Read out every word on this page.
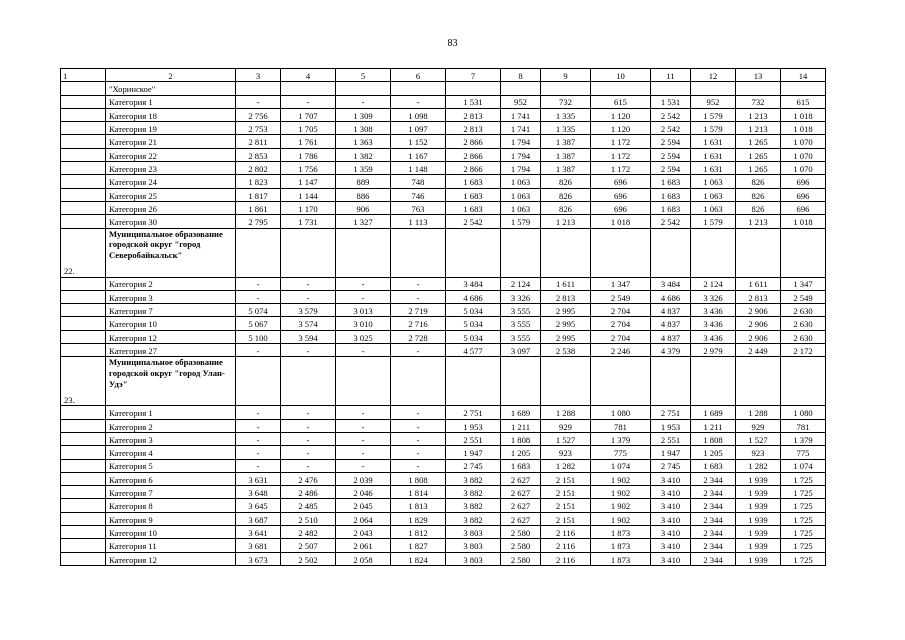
83
1	2	3	4	5	6	7	8	9	10	11	12	13	14
	"Хоринское"												
	Категория 1	-	-	-	-	1 531	952	732	615	1 531	952	732	615
	Категория 18	2 756	1 707	1 309	1 098	2 813	1 741	1 335	1 120	2 542	1 579	1 213	1 018
	Категория 19	2 753	1 705	1 308	1 097	2 813	1 741	1 335	1 120	2 542	1 579	1 213	1 018
	Категория 21	2 811	1 761	1 363	1 152	2 866	1 794	1 387	1 172	2 594	1 631	1 265	1 070
	Категория 22	2 853	1 786	1 382	1 167	2 866	1 794	1 387	1 172	2 594	1 631	1 265	1 070
	Категория 23	2 802	1 756	1 359	1 148	2 866	1 794	1 387	1 172	2 594	1 631	1 265	1 070
	Категория 24	1 823	1 147	889	748	1 683	1 063	826	696	1 683	1 063	826	696
	Категория 25	1 817	1 144	886	746	1 683	1 063	826	696	1 683	1 063	826	696
	Категория 26	1 861	1 170	906	763	1 683	1 063	826	696	1 683	1 063	826	696
	Категория 30	2 795	1 731	1 327	1 113	2 542	1 579	1 213	1 018	2 542	1 579	1 213	1 018
22.	Муниципальное образование городской округ "город Северобайкальск"												
	Категория 2	-	-	-	-	3 484	2 124	1 611	1 347	3 484	2 124	1 611	1 347
	Категория 3	-	-	-	-	4 686	3 326	2 813	2 549	4 686	3 326	2 813	2 549
	Категория 7	5 074	3 579	3 013	2 719	5 034	3 555	2 995	2 704	4 837	3 436	2 906	2 630
	Категория 10	5 067	3 574	3 010	2 716	5 034	3 555	2 995	2 704	4 837	3 436	2 906	2 630
	Категория 12	5 100	3 594	3 025	2 728	5 034	3 555	2 995	2 704	4 837	3 436	2 906	2 630
	Категория 27	-	-	-	-	4 577	3 097	2 538	2 246	4 379	2 979	2 449	2 172
23.	Муниципальное образование городской округ "город Улан-Удэ"												
	Категория 1	-	-	-	-	2 751	1 689	1 288	1 080	2 751	1 689	1 288	1 080
	Категория 2	-	-	-	-	1 953	1 211	929	781	1 953	1 211	929	781
	Категория 3	-	-	-	-	2 551	1 808	1 527	1 379	2 551	1 808	1 527	1 379
	Категория 4	-	-	-	-	1 947	1 205	923	775	1 947	1 205	923	775
	Категория 5	-	-	-	-	2 745	1 683	1 282	1 074	2 745	1 683	1 282	1 074
	Категория 6	3 631	2 476	2 039	1 808	3 882	2 627	2 151	1 902	3 410	2 344	1 939	1 725
	Категория 7	3 648	2 486	2 046	1 814	3 882	2 627	2 151	1 902	3 410	2 344	1 939	1 725
	Категория 8	3 645	2 485	2 045	1 813	3 882	2 627	2 151	1 902	3 410	2 344	1 939	1 725
	Категория 9	3 687	2 510	2 064	1 829	3 882	2 627	2 151	1 902	3 410	2 344	1 939	1 725
	Категория 10	3 641	2 482	2 043	1 812	3 803	2 580	2 116	1 873	3 410	2 344	1 939	1 725
	Категория 11	3 681	2 507	2 061	1 827	3 803	2 580	2 116	1 873	3 410	2 344	1 939	1 725
	Категория 12	3 673	2 502	2 058	1 824	3 803	2 580	2 116	1 873	3 410	2 344	1 939	1 725
